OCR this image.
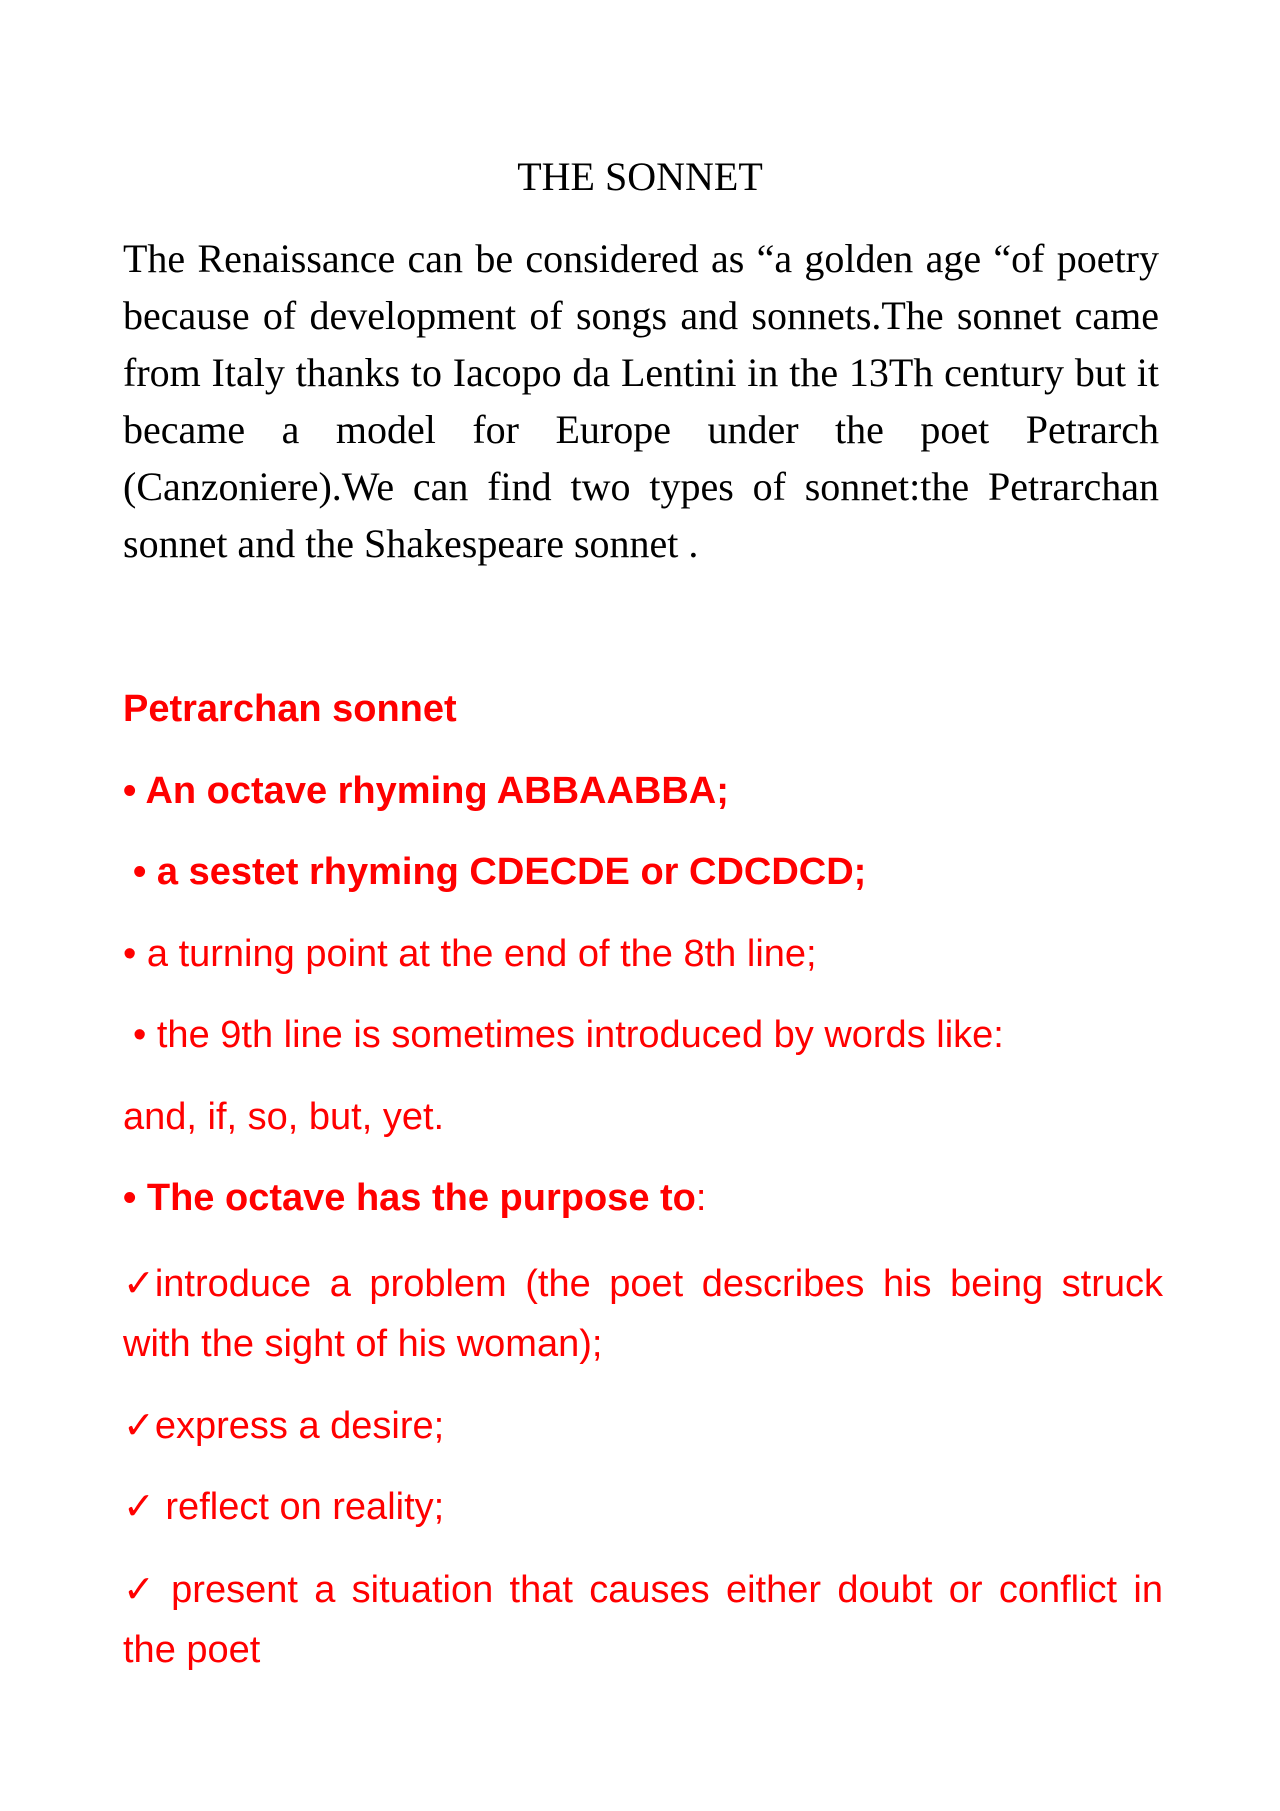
THE SONNET

The Renaissance can be considered as “a golden age “of poetry because of development of songs and sonnets.The sonnet came from Italy thanks to Iacopo da Lentini in the 13Th century but it became a model for Europe under the poet Petrarch (Canzoniere).We can find two types of sonnet:the Petrarchan sonnet and the Shakespeare sonnet .

Petrarchan sonnet

• An octave rhyming ABBAABBA;

• a sestet rhyming CDECDE or CDCDCD;

• a turning point at the end of the 8th line;

• the 9th line is sometimes introduced by words like:

and, if, so, but, yet.

• The octave has the purpose to:

✓introduce a problem (the poet describes his being struck with the sight of his woman);

✓express a desire;

✓ reflect on reality;

✓ present a situation that causes either doubt or conflict in the poet
